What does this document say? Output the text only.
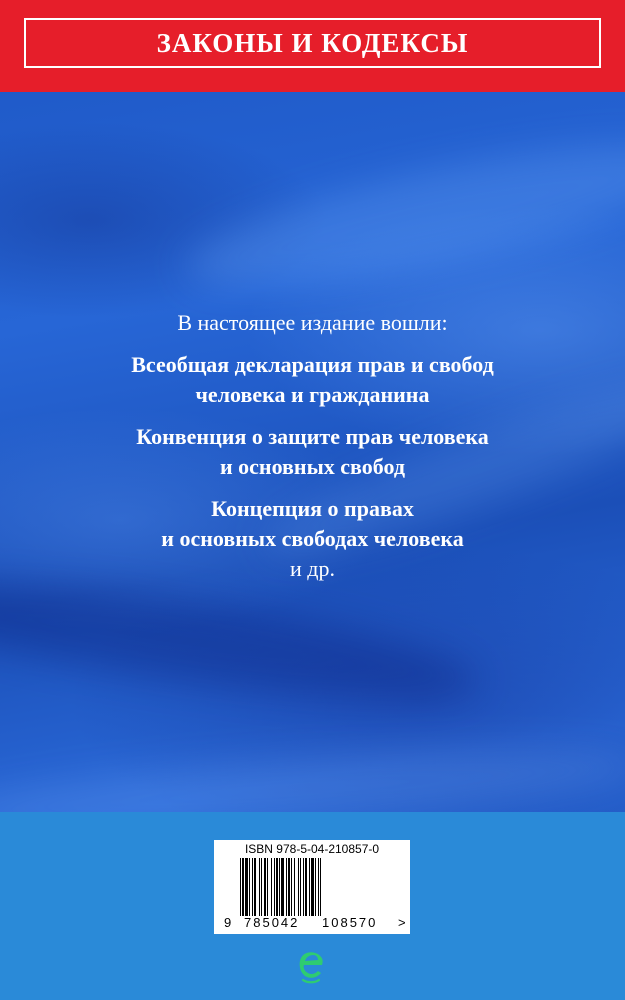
ЗАКОНЫ И КОДЕКСЫ

В настоящее издание вошли:

Всеобщая декларация прав и свобод
человека и гражданина

Конвенция о защите прав человека
и основных свобод

Концепция о правах
и основных свободах человека

и др.
ISBN 978-5-04-210857-0
9 785042 108570 >
